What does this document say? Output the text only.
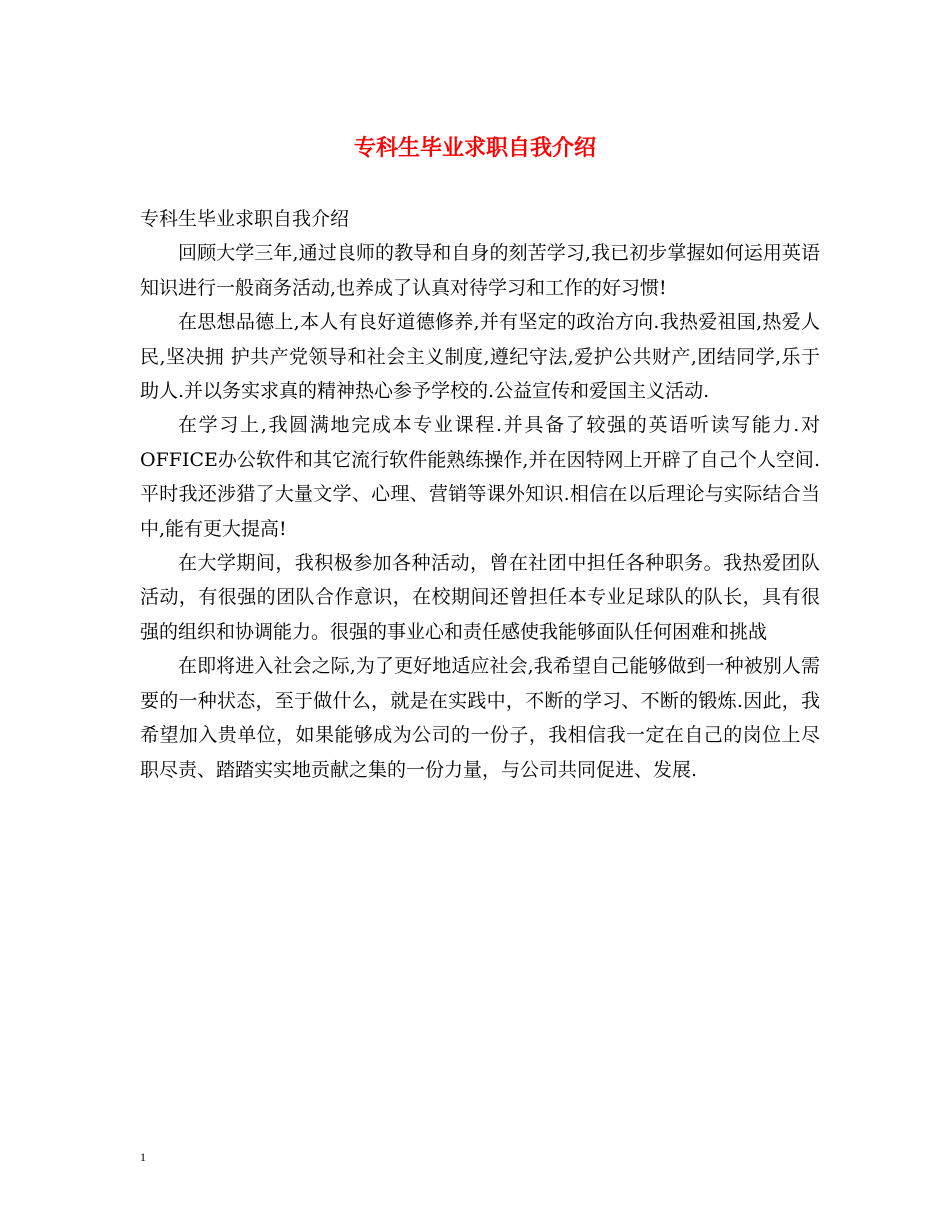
专科生毕业求职自我介绍

专科生毕业求职自我介绍

回顾大学三年,通过良师的教导和自身的刻苦学习,我已初步掌握如何运用英语知识进行一般商务活动,也养成了认真对待学习和工作的好习惯!

在思想品德上,本人有良好道德修养,并有坚定的政治方向.我热爱祖国,热爱人民,坚决拥 护共产党领导和社会主义制度,遵纪守法,爱护公共财产,团结同学,乐于助人.并以务实求真的精神热心参予学校的.公益宣传和爱国主义活动.

在学习上,我圆满地完成本专业课程.并具备了较强的英语听读写能力.对OFFICE办公软件和其它流行软件能熟练操作,并在因特网上开辟了自己个人空间.平时我还涉猎了大量文学、心理、营销等课外知识.相信在以后理论与实际结合当中,能有更大提高!

在大学期间，我积极参加各种活动，曾在社团中担任各种职务。我热爱团队活动，有很强的团队合作意识，在校期间还曾担任本专业足球队的队长，具有很强的组织和协调能力。很强的事业心和责任感使我能够面队任何困难和挑战

在即将进入社会之际,为了更好地适应社会,我希望自己能够做到一种被别人需要的一种状态，至于做什么，就是在实践中，不断的学习、不断的锻炼.因此，我希望加入贵单位，如果能够成为公司的一份子，我相信我一定在自己的岗位上尽职尽责、踏踏实实地贡献之集的一份力量，与公司共同促进、发展.

1
